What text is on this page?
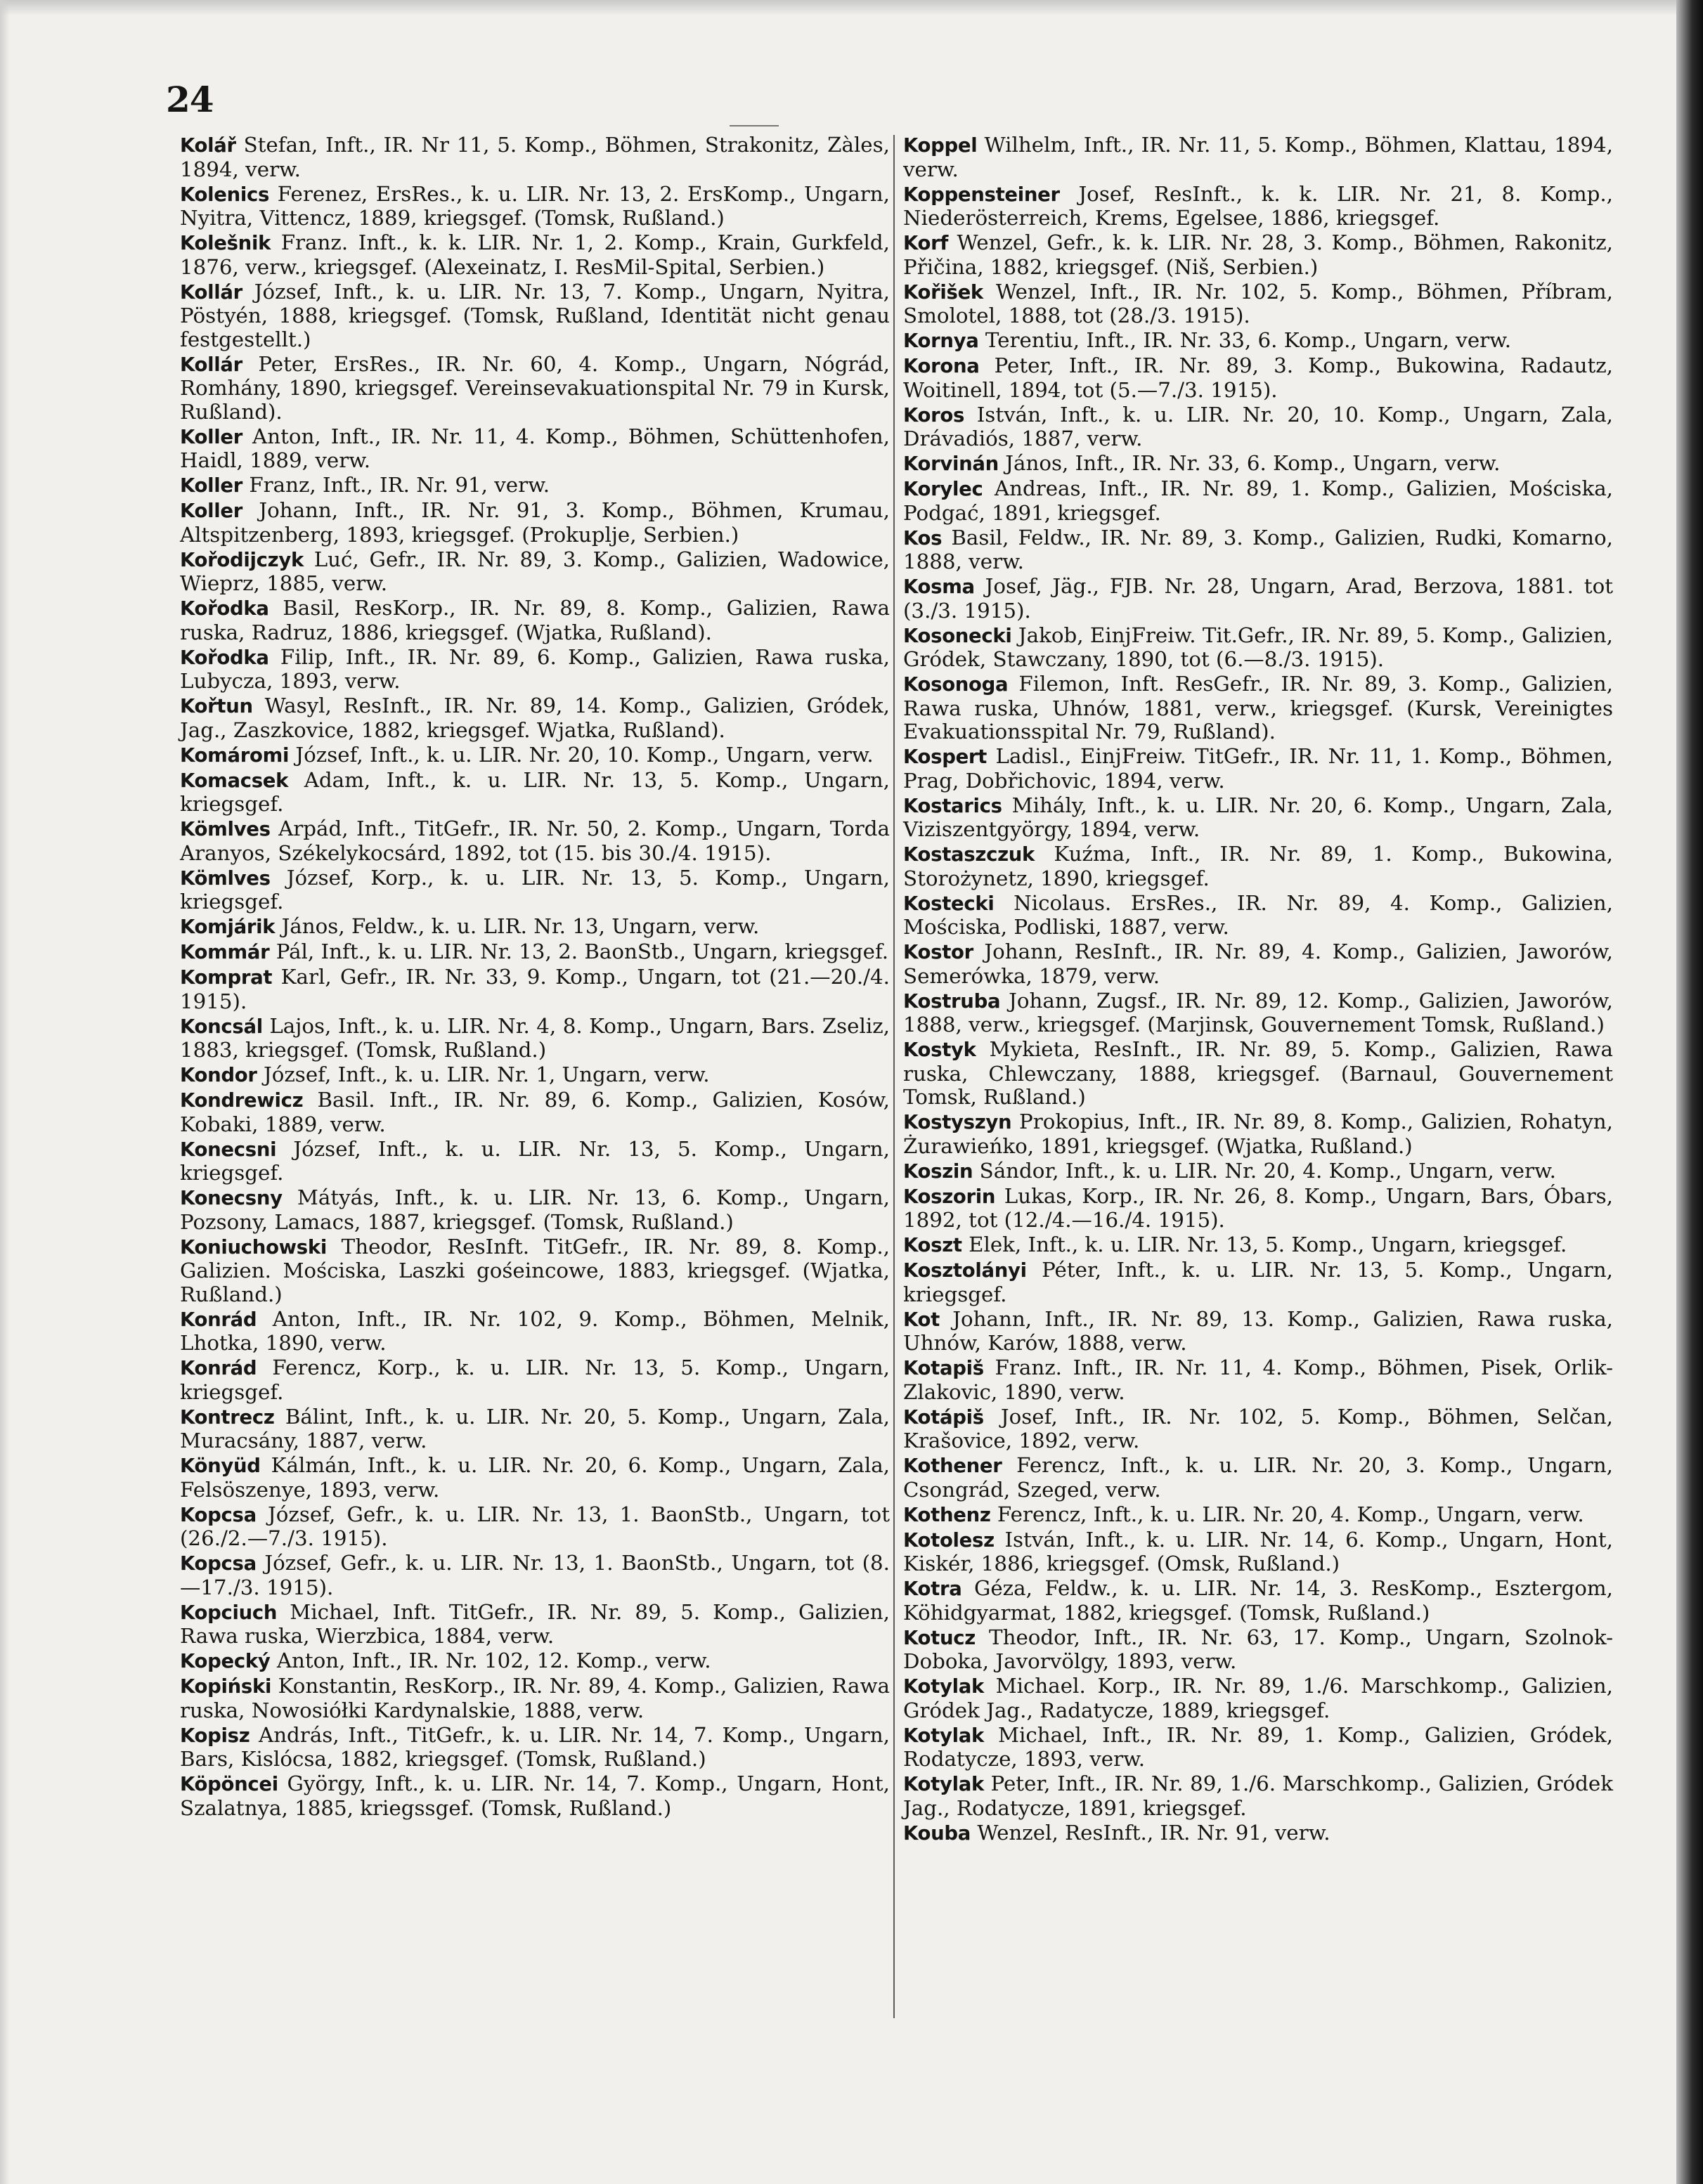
24

Kolář Stefan, Inft., IR. Nr 11, 5. Komp., Böhmen, Strakonitz, Zàles, 1894, verw.

Kolenics Ferenez, ErsRes., k. u. LIR. Nr. 13, 2. ErsKomp., Ungarn, Nyitra, Vittencz, 1889, kriegsgef. (Tomsk, Rußland.)

Kolešnik Franz. Inft., k. k. LIR. Nr. 1, 2. Komp., Krain, Gurkfeld, 1876, verw., kriegsgef. (Alexeinatz, I. ResMil-Spital, Serbien.)

Kollár József, Inft., k. u. LIR. Nr. 13, 7. Komp., Ungarn, Nyitra, Pöstyén, 1888, kriegsgef. (Tomsk, Rußland, Identität nicht genau festgestellt.)

Kollár Peter, ErsRes., IR. Nr. 60, 4. Komp., Ungarn, Nógrád, Romhány, 1890, kriegsgef. Vereinsevakuationspital Nr. 79 in Kursk, Rußland).

Koller Anton, Inft., IR. Nr. 11, 4. Komp., Böhmen, Schüttenhofen, Haidl, 1889, verw.

Koller Franz, Inft., IR. Nr. 91, verw.

Koller Johann, Inft., IR. Nr. 91, 3. Komp., Böhmen, Krumau, Altspitzenberg, 1893, kriegsgef. (Prokuplje, Serbien.)

Kořodijczyk Luć, Gefr., IR. Nr. 89, 3. Komp., Galizien, Wadowice, Wieprz, 1885, verw.

Kořodka Basil, ResKorp., IR. Nr. 89, 8. Komp., Galizien, Rawa ruska, Radruz, 1886, kriegsgef. (Wjatka, Rußland).

Kořodka Filip, Inft., IR. Nr. 89, 6. Komp., Galizien, Rawa ruska, Lubycza, 1893, verw.

Kořtun Wasyl, ResInft., IR. Nr. 89, 14. Komp., Galizien, Gródek, Jag., Zaszkovice, 1882, kriegsgef. Wjatka, Rußland).

Komáromi József, Inft., k. u. LIR. Nr. 20, 10. Komp., Ungarn, verw.

Komacsek Adam, Inft., k. u. LIR. Nr. 13, 5. Komp., Ungarn, kriegsgef.

Kömlves Arpád, Inft., TitGefr., IR. Nr. 50, 2. Komp., Ungarn, Torda Aranyos, Székelykocsárd, 1892, tot (15. bis 30./4. 1915).

Kömlves József, Korp., k. u. LIR. Nr. 13, 5. Komp., Ungarn, kriegsgef.

Komjárik János, Feldw., k. u. LIR. Nr. 13, Ungarn, verw.

Kommár Pál, Inft., k. u. LIR. Nr. 13, 2. BaonStb., Ungarn, kriegsgef.

Komprat Karl, Gefr., IR. Nr. 33, 9. Komp., Ungarn, tot (21.—20./4. 1915).

Koncsál Lajos, Inft., k. u. LIR. Nr. 4, 8. Komp., Ungarn, Bars. Zseliz, 1883, kriegsgef. (Tomsk, Rußland.)

Kondor József, Inft., k. u. LIR. Nr. 1, Ungarn, verw.

Kondrewicz Basil. Inft., IR. Nr. 89, 6. Komp., Galizien, Kosów, Kobaki, 1889, verw.

Konecsni József, Inft., k. u. LIR. Nr. 13, 5. Komp., Ungarn, kriegsgef.

Konecsny Mátyás, Inft., k. u. LIR. Nr. 13, 6. Komp., Ungarn, Pozsony, Lamacs, 1887, kriegsgef. (Tomsk, Rußland.)

Koniuchowski Theodor, ResInft. TitGefr., IR. Nr. 89, 8. Komp., Galizien. Mościska, Laszki gośeincowe, 1883, kriegsgef. (Wjatka, Rußland.)

Konrád Anton, Inft., IR. Nr. 102, 9. Komp., Böhmen, Melnik, Lhotka, 1890, verw.

Konrád Ferencz, Korp., k. u. LIR. Nr. 13, 5. Komp., Ungarn, kriegsgef.

Kontrecz Bálint, Inft., k. u. LIR. Nr. 20, 5. Komp., Ungarn, Zala, Muracsány, 1887, verw.

Könyüd Kálmán, Inft., k. u. LIR. Nr. 20, 6. Komp., Ungarn, Zala, Felsöszenye, 1893, verw.

Kopcsa József, Gefr., k. u. LIR. Nr. 13, 1. BaonStb., Ungarn, tot (26./2.—7./3. 1915).

Kopcsa József, Gefr., k. u. LIR. Nr. 13, 1. BaonStb., Ungarn, tot (8.—17./3. 1915).

Kopciuch Michael, Inft. TitGefr., IR. Nr. 89, 5. Komp., Galizien, Rawa ruska, Wierzbica, 1884, verw.

Kopecký Anton, Inft., IR. Nr. 102, 12. Komp., verw.

Kopiński Konstantin, ResKorp., IR. Nr. 89, 4. Komp., Galizien, Rawa ruska, Nowosiółki Kardynalskie, 1888, verw.

Kopisz András, Inft., TitGefr., k. u. LIR. Nr. 14, 7. Komp., Ungarn, Bars, Kislócsa, 1882, kriegsgef. (Tomsk, Rußland.)

Köpöncei György, Inft., k. u. LIR. Nr. 14, 7. Komp., Ungarn, Hont, Szalatnya, 1885, kriegssgef. (Tomsk, Rußland.)

Koppel Wilhelm, Inft., IR. Nr. 11, 5. Komp., Böhmen, Klattau, 1894, verw.

Koppensteiner Josef, ResInft., k. k. LIR. Nr. 21, 8. Komp., Niederösterreich, Krems, Egelsee, 1886, kriegsgef.

Korf Wenzel, Gefr., k. k. LIR. Nr. 28, 3. Komp., Böhmen, Rakonitz, Přičina, 1882, kriegsgef. (Niš, Serbien.)

Kořišek Wenzel, Inft., IR. Nr. 102, 5. Komp., Böhmen, Příbram, Smolotel, 1888, tot (28./3. 1915).

Kornya Terentiu, Inft., IR. Nr. 33, 6. Komp., Ungarn, verw.

Korona Peter, Inft., IR. Nr. 89, 3. Komp., Bukowina, Radautz, Woitinell, 1894, tot (5.—7./3. 1915).

Koros István, Inft., k. u. LIR. Nr. 20, 10. Komp., Ungarn, Zala, Drávadiós, 1887, verw.

Korvinán János, Inft., IR. Nr. 33, 6. Komp., Ungarn, verw.

Korylec Andreas, Inft., IR. Nr. 89, 1. Komp., Galizien, Mościska, Podgać, 1891, kriegsgef.

Kos Basil, Feldw., IR. Nr. 89, 3. Komp., Galizien, Rudki, Komarno, 1888, verw.

Kosma Josef, Jäg., FJB. Nr. 28, Ungarn, Arad, Berzova, 1881. tot (3./3. 1915).

Kosonecki Jakob, EinjFreiw. Tit.Gefr., IR. Nr. 89, 5. Komp., Galizien, Gródek, Stawczany, 1890, tot (6.—8./3. 1915).

Kosonoga Filemon, Inft. ResGefr., IR. Nr. 89, 3. Komp., Galizien, Rawa ruska, Uhnów, 1881, verw., kriegsgef. (Kursk, Vereinigtes Evakuationsspital Nr. 79, Rußland).

Kospert Ladisl., EinjFreiw. TitGefr., IR. Nr. 11, 1. Komp., Böhmen, Prag, Dobřichovic, 1894, verw.

Kostarics Mihály, Inft., k. u. LIR. Nr. 20, 6. Komp., Ungarn, Zala, Viziszentgyörgy, 1894, verw.

Kostaszczuk Kuźma, Inft., IR. Nr. 89, 1. Komp., Bukowina, Storożynetz, 1890, kriegsgef.

Kostecki Nicolaus. ErsRes., IR. Nr. 89, 4. Komp., Galizien, Mościska, Podliski, 1887, verw.

Kostor Johann, ResInft., IR. Nr. 89, 4. Komp., Galizien, Jaworów, Semerówka, 1879, verw.

Kostruba Johann, Zugsf., IR. Nr. 89, 12. Komp., Galizien, Jaworów, 1888, verw., kriegsgef. (Marjinsk, Gouvernement Tomsk, Rußland.)

Kostyk Mykieta, ResInft., IR. Nr. 89, 5. Komp., Galizien, Rawa ruska, Chlewczany, 1888, kriegsgef. (Barnaul, Gouvernement Tomsk, Rußland.)

Kostyszyn Prokopius, Inft., IR. Nr. 89, 8. Komp., Galizien, Rohatyn, Żurawieńko, 1891, kriegsgef. (Wjatka, Rußland.)

Koszin Sándor, Inft., k. u. LIR. Nr. 20, 4. Komp., Ungarn, verw.

Koszorin Lukas, Korp., IR. Nr. 26, 8. Komp., Ungarn, Bars, Óbars, 1892, tot (12./4.—16./4. 1915).

Koszt Elek, Inft., k. u. LIR. Nr. 13, 5. Komp., Ungarn, kriegsgef.

Kosztolányi Péter, Inft., k. u. LIR. Nr. 13, 5. Komp., Ungarn, kriegsgef.

Kot Johann, Inft., IR. Nr. 89, 13. Komp., Galizien, Rawa ruska, Uhnów, Karów, 1888, verw.

Kotapiš Franz. Inft., IR. Nr. 11, 4. Komp., Böhmen, Pisek, Orlik-Zlakovic, 1890, verw.

Kotápiš Josef, Inft., IR. Nr. 102, 5. Komp., Böhmen, Selčan, Krašovice, 1892, verw.

Kothener Ferencz, Inft., k. u. LIR. Nr. 20, 3. Komp., Ungarn, Csongrád, Szeged, verw.

Kothenz Ferencz, Inft., k. u. LIR. Nr. 20, 4. Komp., Ungarn, verw.

Kotolesz István, Inft., k. u. LIR. Nr. 14, 6. Komp., Ungarn, Hont, Kiskér, 1886, kriegsgef. (Omsk, Rußland.)

Kotra Géza, Feldw., k. u. LIR. Nr. 14, 3. ResKomp., Esztergom, Köhidgyarmat, 1882, kriegsgef. (Tomsk, Rußland.)

Kotucz Theodor, Inft., IR. Nr. 63, 17. Komp., Ungarn, Szolnok-Doboka, Javorvölgy, 1893, verw.

Kotylak Michael. Korp., IR. Nr. 89, 1./6. Marschkomp., Galizien, Gródek Jag., Radatycze, 1889, kriegsgef.

Kotylak Michael, Inft., IR. Nr. 89, 1. Komp., Galizien, Gródek, Rodatycze, 1893, verw.

Kotylak Peter, Inft., IR. Nr. 89, 1./6. Marschkomp., Galizien, Gródek Jag., Rodatycze, 1891, kriegsgef.

Kouba Wenzel, ResInft., IR. Nr. 91, verw.
